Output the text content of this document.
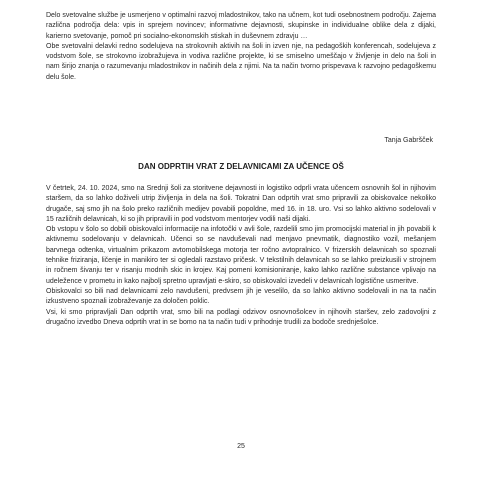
Delo svetovalne službe je usmerjeno v optimalni razvoj mladostnikov, tako na učnem, kot tudi osebnostnem področju. Zajema različna področja dela: vpis in sprejem novincev; informativne dejavnosti, skupinske in individualne oblike dela z dijaki, karierno svetovanje, pomoč pri socialno-ekonomskih stiskah in duševnem zdravju …

Obe svetovalni delavki redno sodelujeva na strokovnih aktivih na šoli in izven nje, na pedagoških konferencah, sodelujeva z vodstvom šole, se strokovno izobražujeva in vodiva različne projekte, ki se smiselno umeščajo v življenje in delo na šoli in nam širijo znanja o razumevanju mladostnikov in načinih dela z njimi. Na ta način tvorno prispevava k razvojno pedagoškemu delu šole.

Tanja Gabršček

DAN ODPRTIH VRAT Z DELAVNICAMI ZA UČENCE OŠ

V četrtek, 24. 10. 2024, smo na Srednji šoli za storitvene dejavnosti in logistiko odprli vrata učencem osnovnih šol in njihovim staršem, da so lahko doživeli utrip življenja in dela na šoli. Tokratni Dan odprtih vrat smo pripravili za obiskovalce nekoliko drugače, saj smo jih na šolo preko različnih medijev povabili popoldne, med 16. in 18. uro. Vsi so lahko aktivno sodelovali v 15 različnih delavnicah, ki so jih pripravili in pod vodstvom mentorjev vodili naši dijaki.

Ob vstopu v šolo so dobili obiskovalci informacije na infotočki v avli šole, razdelili smo jim promocijski material in jih povabili k aktivnemu sodelovanju v delavnicah. Učenci so se navduševali nad menjavo pnevmatik, diagnostiko vozil, mešanjem barvnega odtenka, virtualnim prikazom avtomobilskega motorja ter ročno avtopralnico. V frizerskih delavnicah so spoznali tehnike friziranja, ličenje in manikiro ter si ogledali razstavo pričesk. V tekstilnih delavnicah so se lahko preizkusili v strojnem in ročnem šivanju ter v risanju modnih skic in krojev. Kaj pomeni komisioniranje, kako lahko različne substance vplivajo na udeležence v prometu in kako najbolj spretno upravljati e-skiro, so obiskovalci izvedeli v delavnicah logistične usmeritve.

Obiskovalci so bili nad delavnicami zelo navdušeni, predvsem jih je veselilo, da so lahko aktivno sodelovali in na ta način izkustveno spoznali izobraževanje za določen poklic.

Vsi, ki smo pripravljali Dan odprtih vrat, smo bili na podlagi odzivov osnovnošolcev in njihovih staršev, zelo zadovoljni z drugačno izvedbo Dneva odprtih vrat in se bomo na ta način tudi v prihodnje trudili za bodoče srednješolce.

25
